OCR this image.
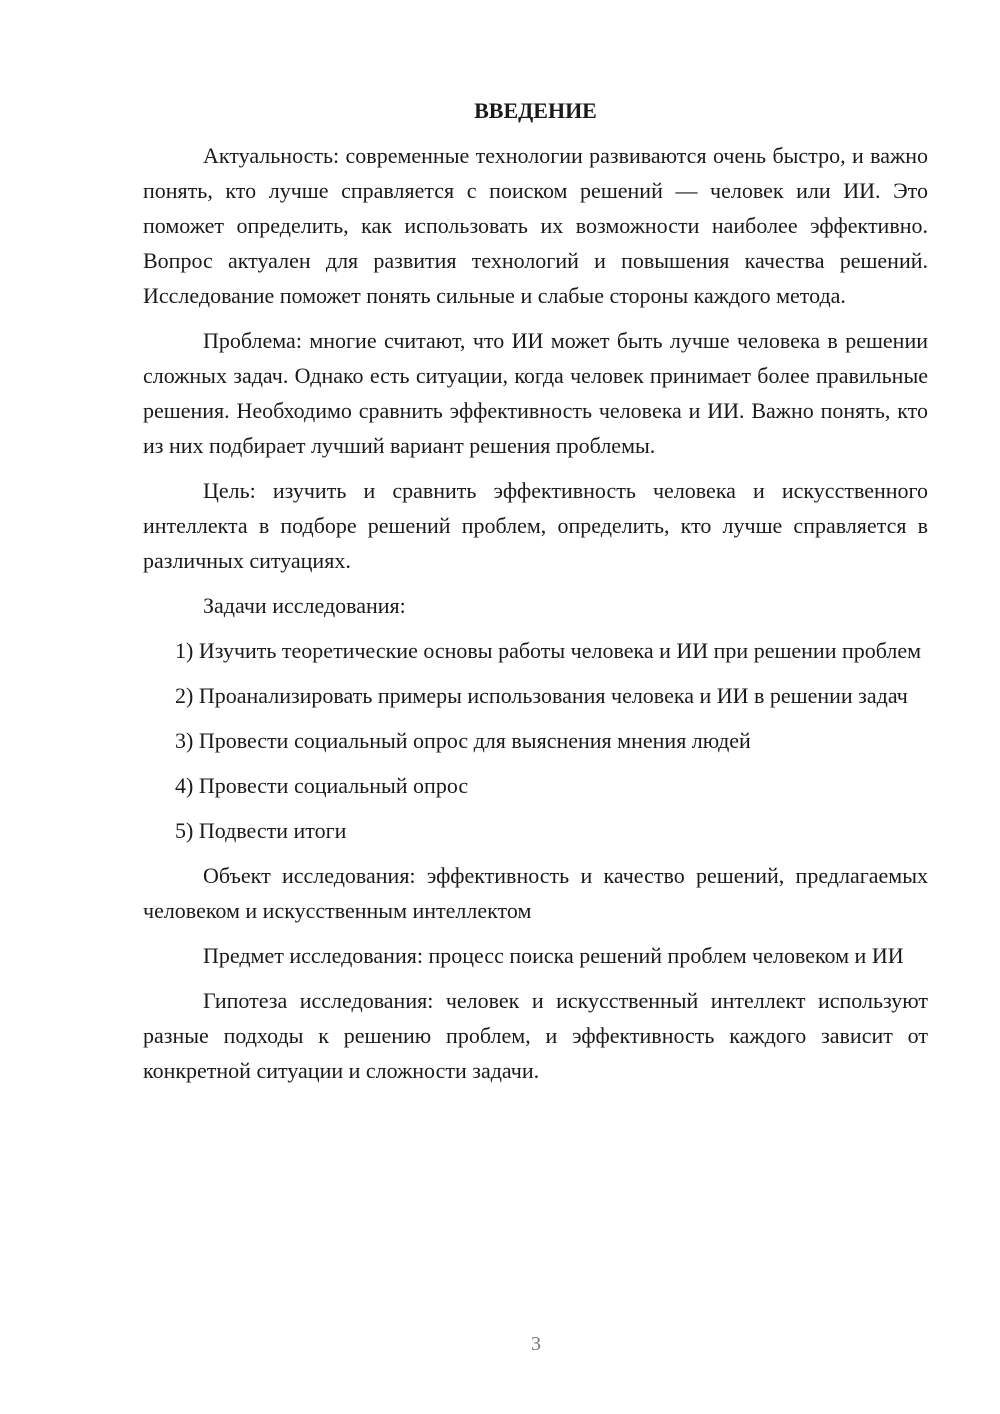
ВВЕДЕНИЕ

Актуальность: современные технологии развиваются очень быстро, и важно понять, кто лучше справляется с поиском решений — человек или ИИ. Это поможет определить, как использовать их возможности наиболее эффективно. Вопрос актуален для развития технологий и повышения качества решений. Исследование поможет понять сильные и слабые стороны каждого метода.

Проблема: многие считают, что ИИ может быть лучше человека в решении сложных задач. Однако есть ситуации, когда человек принимает более правильные решения. Необходимо сравнить эффективность человека и ИИ. Важно понять, кто из них подбирает лучший вариант решения проблемы.

Цель: изучить и сравнить эффективность человека и искусственного интеллекта в подборе решений проблем, определить, кто лучше справляется в различных ситуациях.

Задачи исследования:

1) Изучить теоретические основы работы человека и ИИ при решении проблем

2) Проанализировать примеры использования человека и ИИ в решении задач

3) Провести социальный опрос для выяснения мнения людей

4) Провести социальный опрос

5) Подвести итоги

Объект исследования: эффективность и качество решений, предлагаемых человеком и искусственным интеллектом

Предмет исследования: процесс поиска решений проблем человеком и ИИ

Гипотеза исследования: человек и искусственный интеллект используют разные подходы к решению проблем, и эффективность каждого зависит от конкретной ситуации и сложности задачи.

3
